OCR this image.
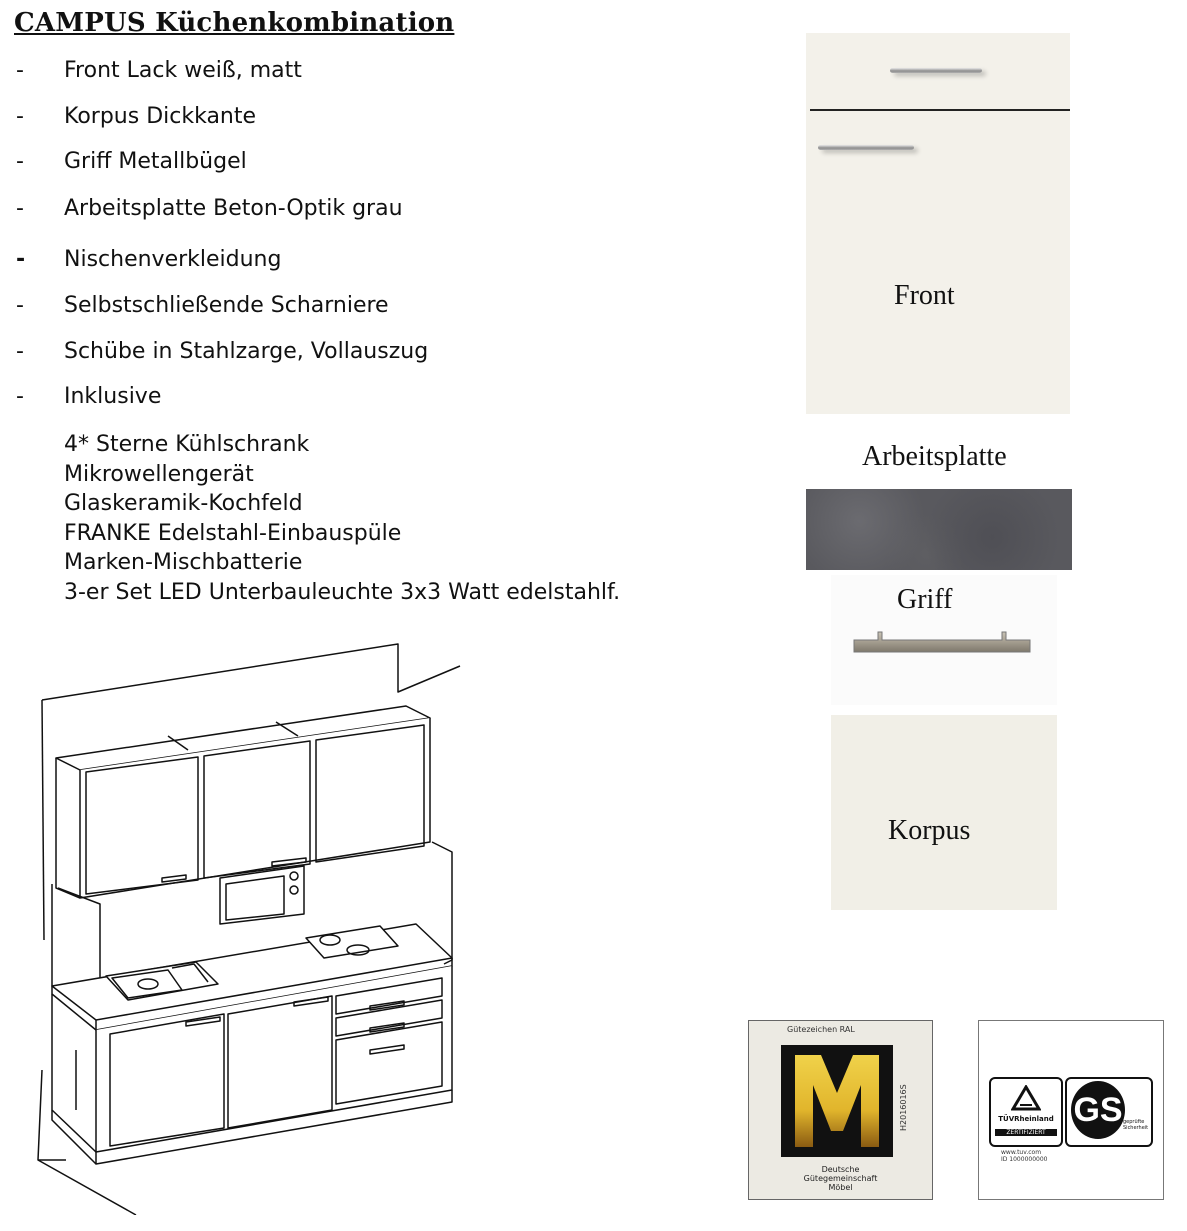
CAMPUS Küchenkombination
- Front Lack weiß, matt
- Korpus Dickkante
- Griff Metallbügel
- Arbeitsplatte Beton-Optik grau
- Nischenverkleidung
- Selbstschließende Scharniere
- Schübe in Stahlzarge, Vollauszug
- Inklusive
4* Sterne Kühlschrank
Mikrowellengerät
Glaskeramik-Kochfeld
FRANKE Edelstahl-Einbauspüle
Marken-Mischbatterie
3-er Set LED Unterbauleuchte 3x3 Watt edelstahlf.
Front
Arbeitsplatte
Griff
Korpus
Gütezeichen RAL
H2016016S
Deutsche
Gütegemeinschaft
Möbel
TÜVRheinland
ZERTIFIZIERT
GS geprüfte Sicherheit
www.tuv.com
ID 1000000000
